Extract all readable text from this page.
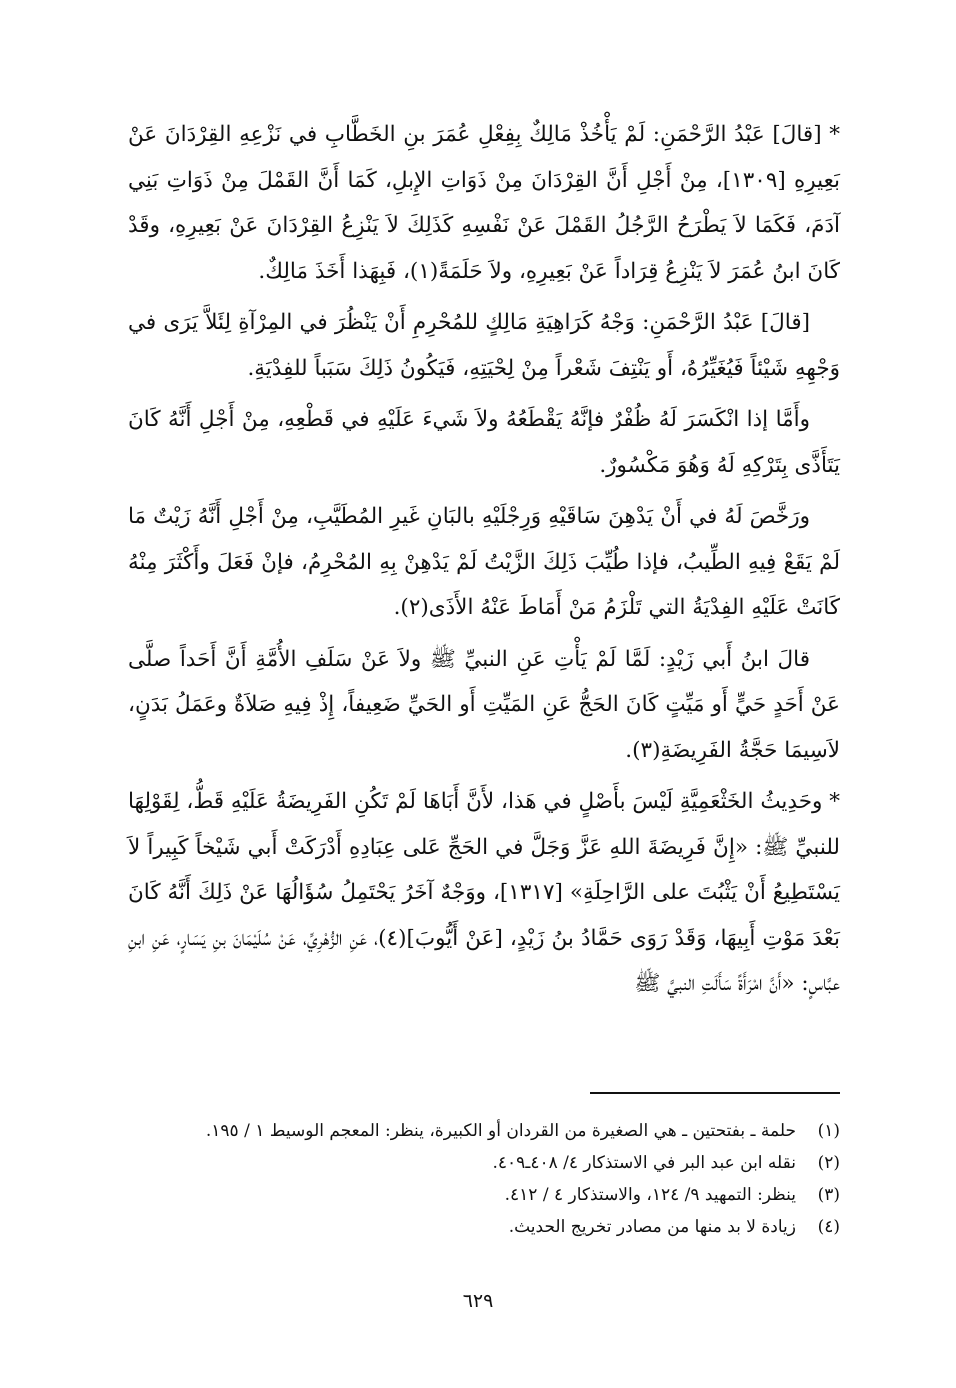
* [قالَ] عَبْدُ الرَّحْمَنِ: لَمْ يَأْخُذْ مَالِكٌ بِفِعْلِ عُمَرَ بنِ الخَطَّابِ في نَزْعِهِ القِرْدَانَ عَنْ بَعِيرِهِ [١٣٠٩]، مِنْ أَجْلِ أَنَّ القِرْدَانَ مِنْ ذَوَاتِ الإِبلِ، كَمَا أَنَّ القَمْلَ مِنْ ذَوَاتِ بَنِي آدَمَ، فَكَمَا لاَ يَطْرَحُ الرَّجُلُ القَمْلَ عَنْ نَفْسِهِ كَذَلِكَ لاَ يَنْزِعُ القِرْدَانَ عَنْ بَعِيرِهِ، وقَدْ كَانَ ابنُ عُمَرَ لاَ يَنْزِعُ قِرَاداً عَنْ بَعِيرِهِ، ولاَ حَلَمَةً(١)، فَبِهَذا أَخَذَ مَالِكٌ.

[قالَ] عَبْدُ الرَّحْمَنِ: وَجْهُ كَرَاهِيَةِ مَالِكٍ للمُحْرِمِ أَنْ يَنْظُرَ في المِرْآةِ لِئَلاَّ يَرَى في وَجْهِهِ شَيْئاً فَيُغَيِّرُهُ، أَو يَنْتِفَ شَعْراً مِنْ لِحْيَتِهِ، فَيَكُونُ ذَلِكَ سَبَباً للفِدْيَةِ.

وأَمَّا إذا انْكَسَرَ لَهُ ظُفْرٌ فإنَّهُ يَقْطَعُهُ ولاَ شَيءَ عَلَيْهِ في قَطْعِهِ، مِنْ أَجْلِ أَنَّهُ كَانَ يَتَأَذَّى بِتَرْكِهِ لَهُ وَهُوَ مَكْسُورٌ.

ورَخَّصَ لَهُ في أَنْ يَدْهِنَ سَاقَيْهِ وَرِجْلَيْهِ بالبَانِ غَيرِ المُطَيَّبِ، مِنْ أَجْلِ أَنَّهُ زَيْتٌ مَا لَمْ يَقَعْ فِيهِ الطِّيبُ، فإذا طُيِّبَ ذَلِكَ الزَّيْتُ لَمْ يَدْهِنْ بِهِ المُحْرِمُ، فإنْ فَعَلَ وأَكْثَرَ مِنْهُ كَانَتْ عَلَيْهِ الفِدْيَةُ التي تَلْزَمُ مَنْ أَمَاطَ عَنْهُ الأَذَى(٢).

قالَ ابنُ أَبي زَيْدٍ: لَمَّا لَمْ يَأْتِ عَنِ النبيِّ ﷺ ولاَ عَنْ سَلَفِ الأُمَّةِ أَنَّ أَحَداً صلَّى عَنْ أَحَدٍ حَيٍّ أَو مَيِّتٍ كَانَ الحَجُّ عَنِ المَيِّتِ أَو الحَيِّ ضَعِيفاً، إِذْ فِيهِ صَلاَةٌ وعَمَلُ بَدَنٍ، لاَسِيمَا حَجَّةُ الفَرِيضَةِ(٣).

* وحَدِيثُ الخَثْعَمِيَّةِ لَيْسَ بأَصْلٍ في هَذا، لأَنَّ أَبَاهَا لَمْ تَكُنِ الفَرِيضَةُ عَلَيْهِ قَطُّ، لِقَوْلِهَا للنبيِّ ﷺ: «إِنَّ فَرِيضَةَ اللهِ عَزَّ وَجَلَّ في الحَجِّ عَلى عِبَادِهِ أَدْرَكَتْ أَبي شَيْخاً كَبِيراً لاَ يَسْتَطِيعُ أَنْ يَثْبُتَ على الرَّاحِلَةِ» [١٣١٧]، ووَجْهٌ آخَرُ يَحْتَمِلُ سُؤَالُهَا عَنْ ذَلِكَ أَنَّهُ كَانَ بَعْدَ مَوْتِ أَبِيهَا، وَقَدْ رَوَى حَمَّادُ بنُ زَيْدٍ، [عَنْ أَيُّوبَ](٤)، عَنِ الزُّهْرِيِّ، عَنْ سُلَيْمَانَ بنِ يَسَارٍ، عَنِ ابنِ عبَّاسٍ: «أَنَّ امْرَأَةً سَأَلَتِ النبيَّ ﷺ

(١)
حلمة ـ بفتحتين ـ هي الصغيرة من القردان أو الكبيرة، ينظر: المعجم الوسيط ١ / ١٩٥.
(٢)
نقله ابن عبد البر في الاستذكار ٤/ ٤٠٨ـ٤٠٩.
(٣)
ينظر: التمهيد ٩/ ١٢٤، والاستذكار ٤ / ٤١٢.
(٤)
زيادة لا بد منها من مصادر تخريج الحديث.
٦٢٩
